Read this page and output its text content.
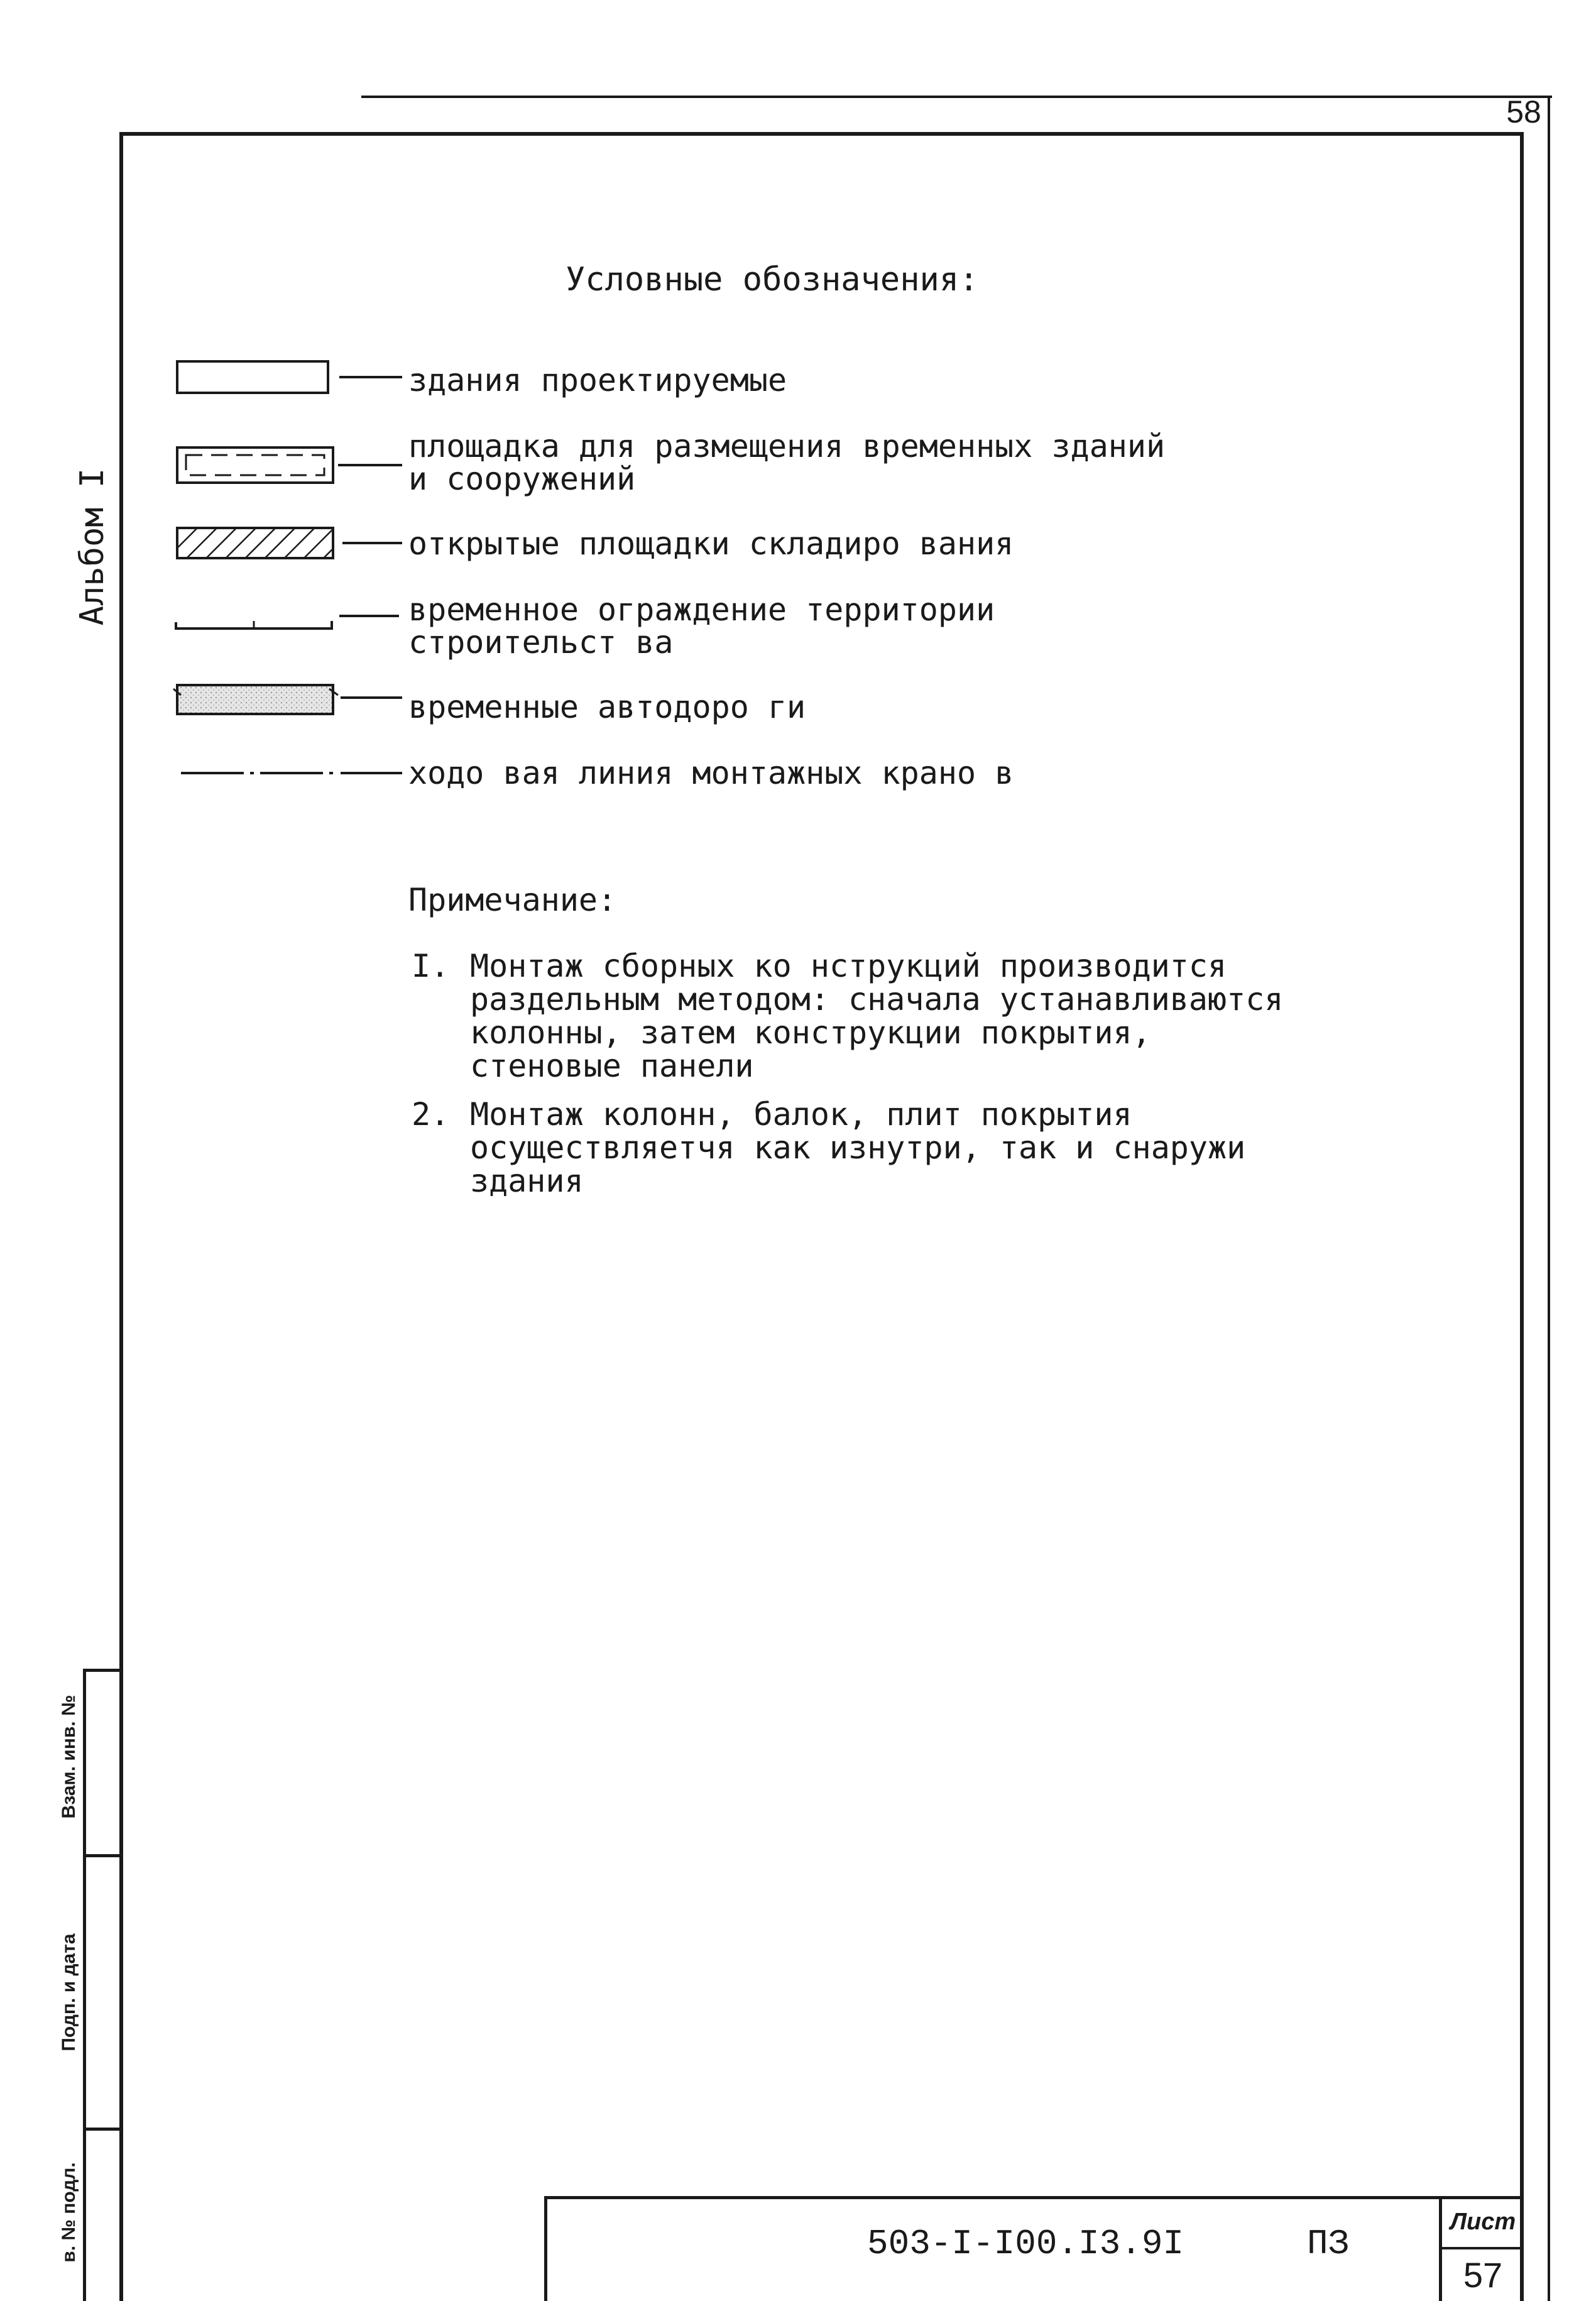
58
Альбом I
Условные обозначения:
здания проектируемые
площадка для размещения временных зданий
и сооружений
открытые площадки складиро вания
временное ограждение территории
строительст ва
временные автодоро ги
ходо вая линия монтажных крано в
Примечание:
I. Монтаж сборных ко нструкций производится
раздельным методом: сначала устанавливаются
колонны, затем конструкции покрытия,
стеновые панели
2. Монтаж колонн, балок, плит покрытия
осуществляетчя как изнутри, так и снаружи
здания
Взам. инв. №
Подп. и дата
в. № подл.	503-I-I00.I3.9I	ПЗ
Лист
57
